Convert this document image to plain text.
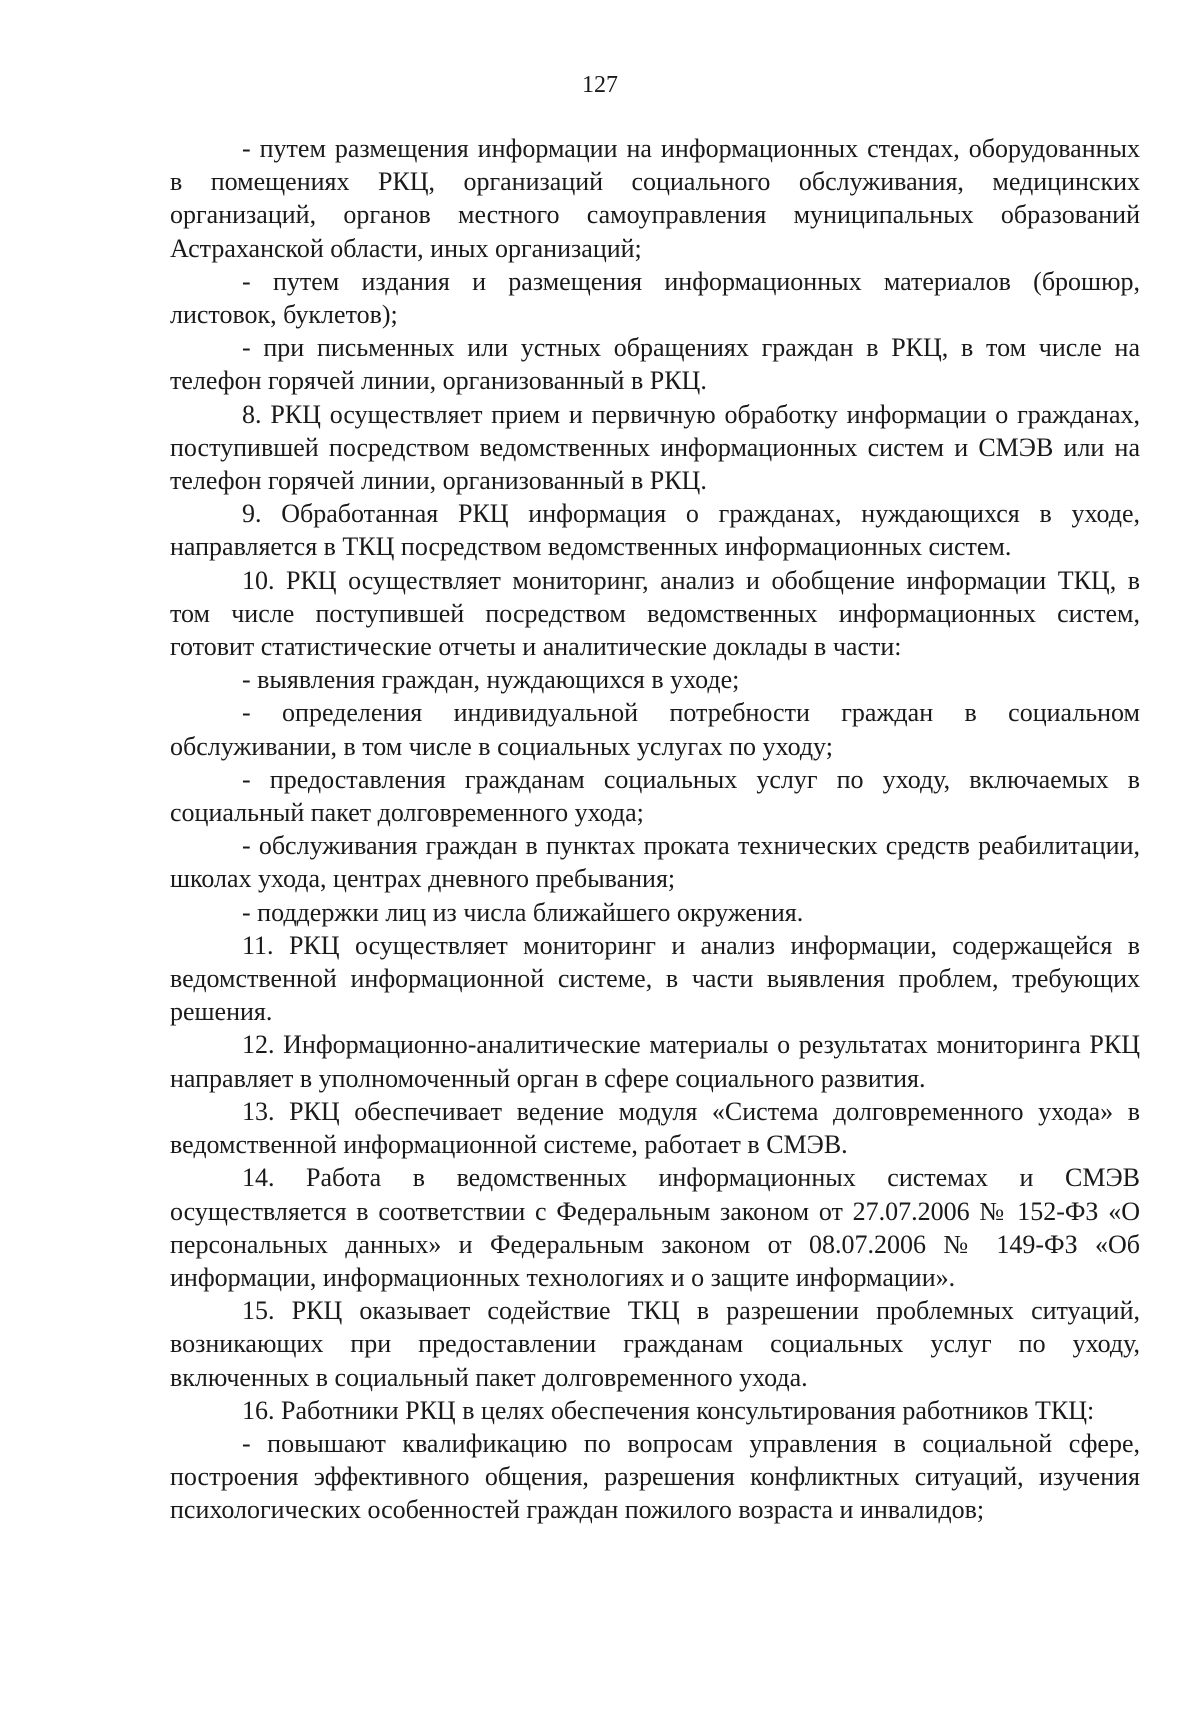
127

- путем размещения информации на информационных стендах, оборудованных в помещениях РКЦ, организаций социального обслуживания, медицинских организаций, органов местного самоуправления муниципальных образований Астраханской области, иных организаций;

- путем издания и размещения информационных материалов (брошюр, листовок, буклетов);

- при письменных или устных обращениях граждан в РКЦ, в том числе на телефон горячей линии, организованный в РКЦ.

8. РКЦ осуществляет прием и первичную обработку информации о гражданах, поступившей посредством ведомственных информационных систем и СМЭВ или на телефон горячей линии, организованный в РКЦ.

9. Обработанная РКЦ информация о гражданах, нуждающихся в уходе, направляется в ТКЦ посредством ведомственных информационных систем.

10. РКЦ осуществляет мониторинг, анализ и обобщение информации ТКЦ, в том числе поступившей посредством ведомственных информационных систем, готовит статистические отчеты и аналитические доклады в части:

- выявления граждан, нуждающихся в уходе;

- определения индивидуальной потребности граждан в социальном обслуживании, в том числе в социальных услугах по уходу;

- предоставления гражданам социальных услуг по уходу, включаемых в социальный пакет долговременного ухода;

- обслуживания граждан в пунктах проката технических средств реабилитации, школах ухода, центрах дневного пребывания;

- поддержки лиц из числа ближайшего окружения.

11. РКЦ осуществляет мониторинг и анализ информации, содержащейся в ведомственной информационной системе, в части выявления проблем, требующих решения.

12. Информационно-аналитические материалы о результатах мониторинга РКЦ направляет в уполномоченный орган в сфере социального развития.

13. РКЦ обеспечивает ведение модуля «Система долговременного ухода» в ведомственной информационной системе, работает в СМЭВ.

14. Работа в ведомственных информационных системах и СМЭВ осуществляется в соответствии с Федеральным законом от 27.07.2006 № 152-ФЗ «О персональных данных» и Федеральным законом от 08.07.2006 № 149-ФЗ «Об информации, информационных технологиях и о защите информации».

15. РКЦ оказывает содействие ТКЦ в разрешении проблемных ситуаций, возникающих при предоставлении гражданам социальных услуг по уходу, включенных в социальный пакет долговременного ухода.

16. Работники РКЦ в целях обеспечения консультирования работников ТКЦ:

- повышают квалификацию по вопросам управления в социальной сфере, построения эффективного общения, разрешения конфликтных ситуаций, изучения психологических особенностей граждан пожилого возраста и инвалидов;
